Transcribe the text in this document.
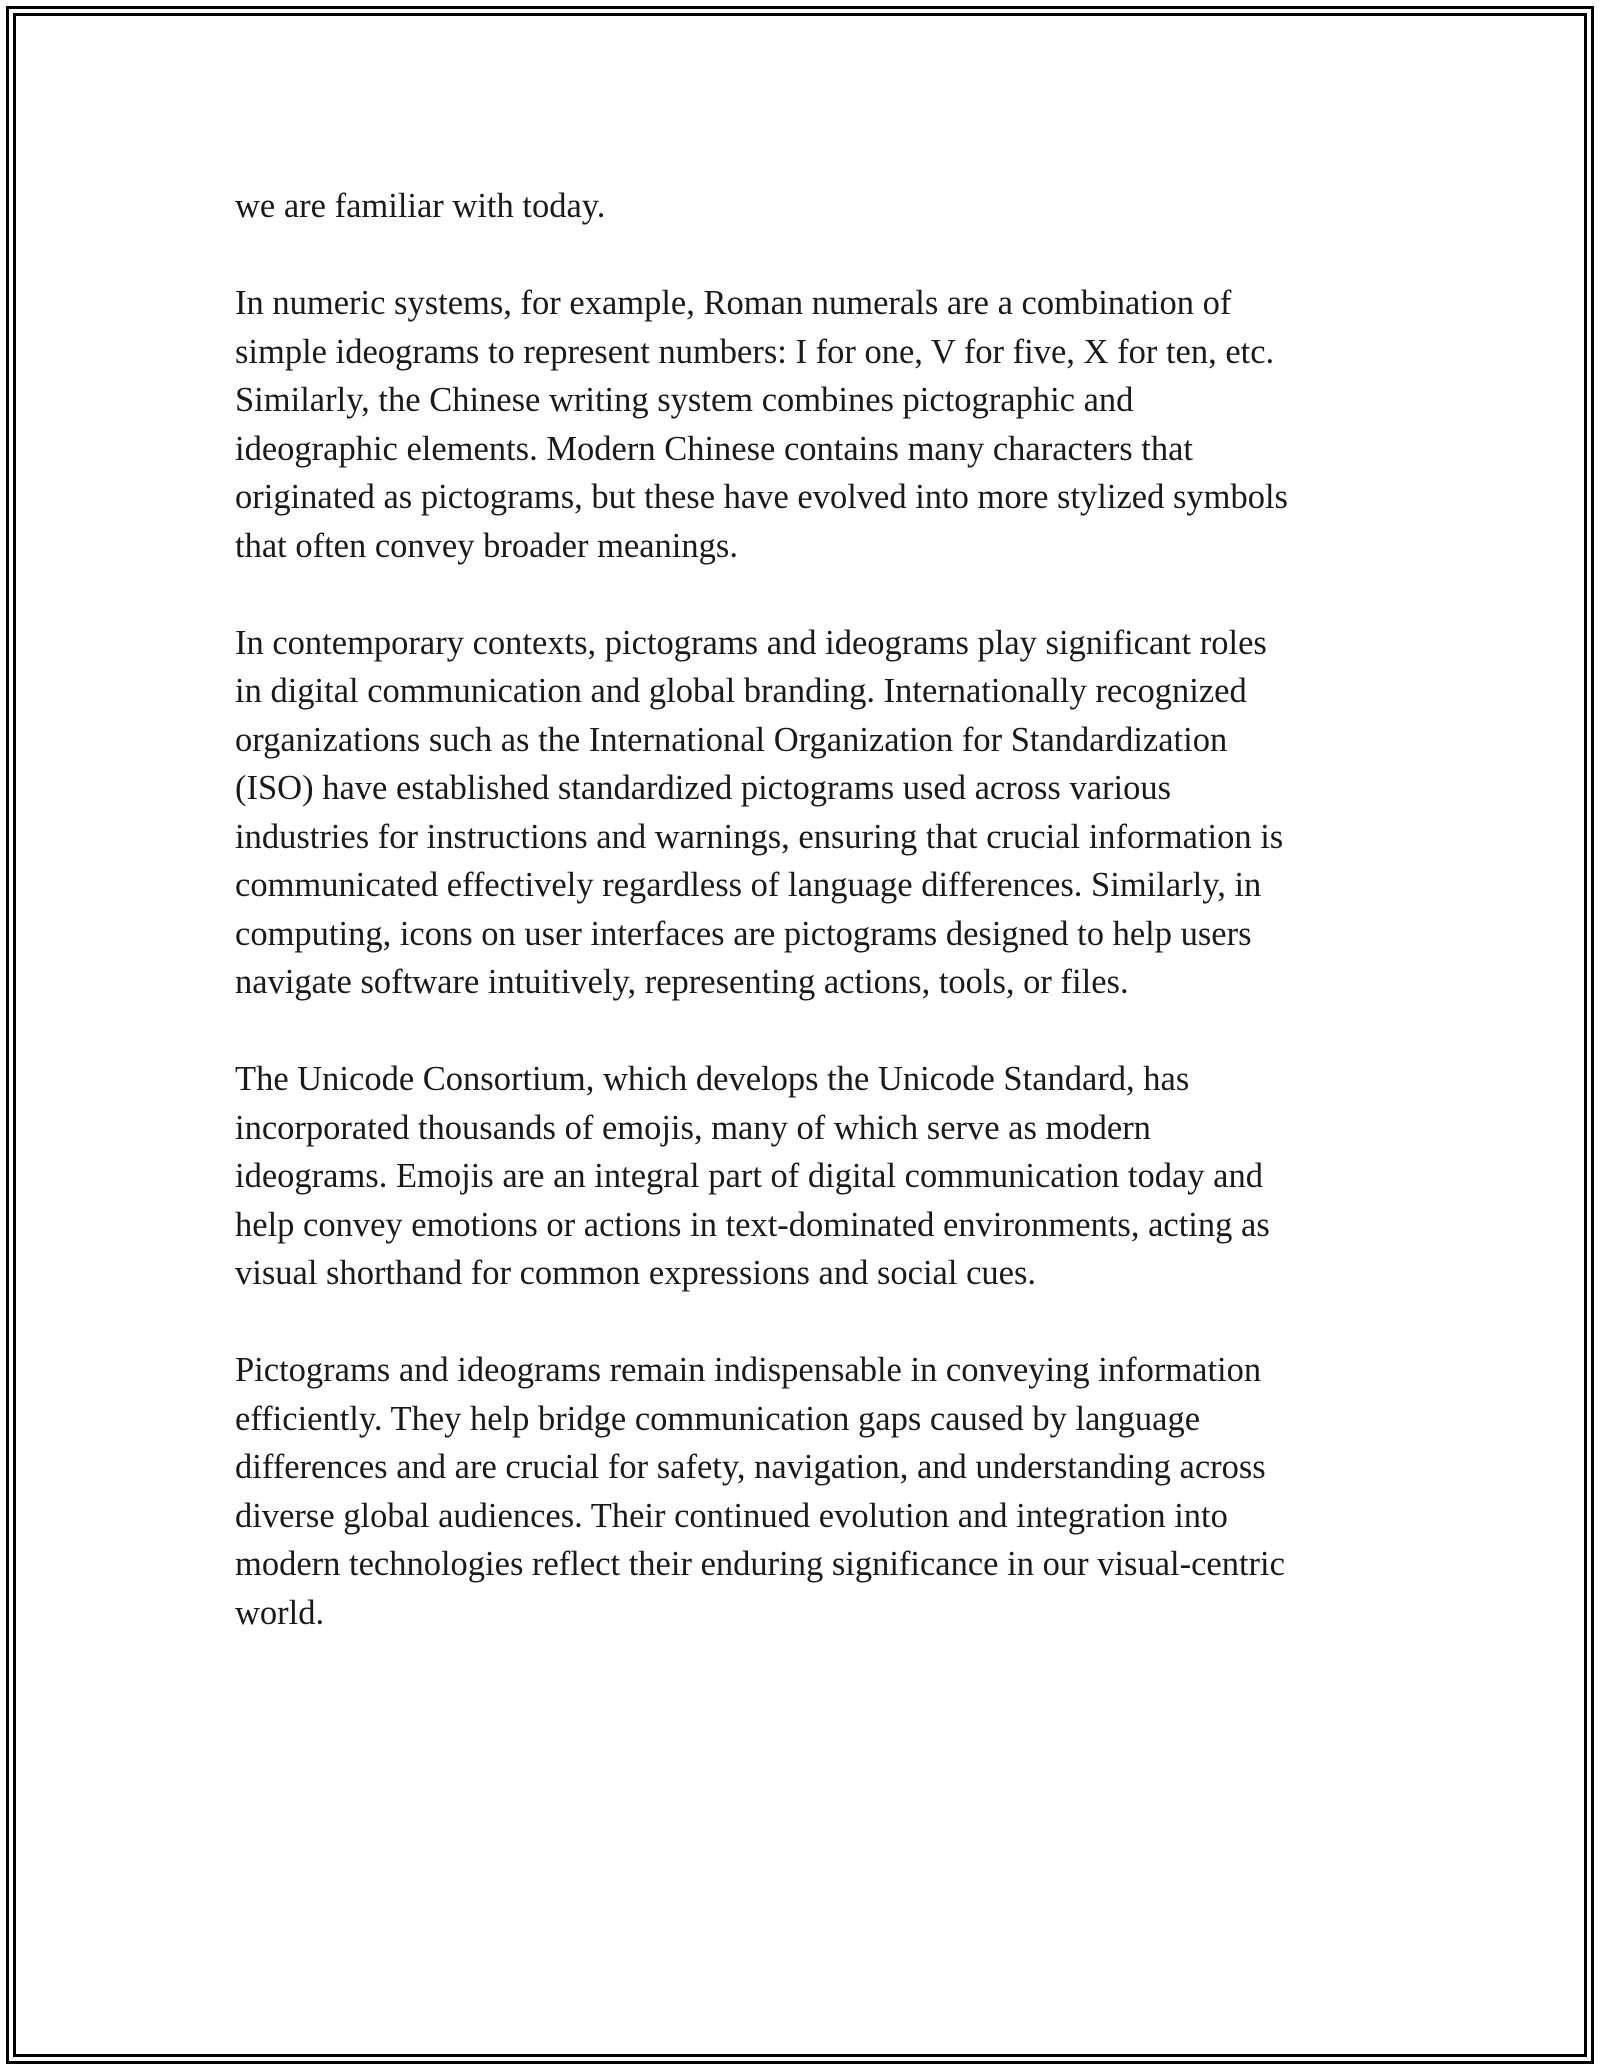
we are familiar with today.
In numeric systems, for example, Roman numerals are a combination of
simple ideograms to represent numbers: I for one, V for five, X for ten, etc.
Similarly, the Chinese writing system combines pictographic and
ideographic elements. Modern Chinese contains many characters that
originated as pictograms, but these have evolved into more stylized symbols
that often convey broader meanings.
In contemporary contexts, pictograms and ideograms play significant roles
in digital communication and global branding. Internationally recognized
organizations such as the International Organization for Standardization
(ISO) have established standardized pictograms used across various
industries for instructions and warnings, ensuring that crucial information is
communicated effectively regardless of language differences. Similarly, in
computing, icons on user interfaces are pictograms designed to help users
navigate software intuitively, representing actions, tools, or files.
The Unicode Consortium, which develops the Unicode Standard, has
incorporated thousands of emojis, many of which serve as modern
ideograms. Emojis are an integral part of digital communication today and
help convey emotions or actions in text-dominated environments, acting as
visual shorthand for common expressions and social cues.
Pictograms and ideograms remain indispensable in conveying information
efficiently. They help bridge communication gaps caused by language
differences and are crucial for safety, navigation, and understanding across
diverse global audiences. Their continued evolution and integration into
modern technologies reflect their enduring significance in our visual-centric
world.
